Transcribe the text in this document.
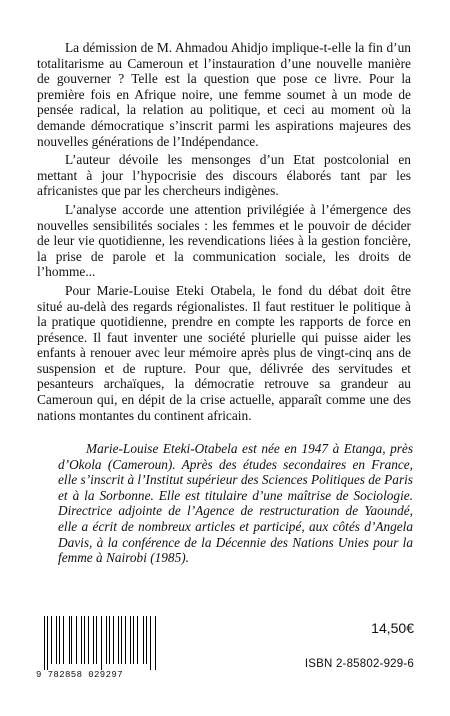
La démission de M. Ahmadou Ahidjo implique-t-elle la fin d’un totalitarisme au Cameroun et l’instauration d’une nouvelle manière de gouverner ? Telle est la question que pose ce livre. Pour la première fois en Afrique noire, une femme soumet à un mode de pensée radical, la relation au politique, et ceci au moment où la demande démocratique s’inscrit parmi les aspirations majeures des nouvelles générations de l’Indépendance.

L’auteur dévoile les mensonges d’un Etat postcolonial en mettant à jour l’hypocrisie des discours élaborés tant par les africanistes que par les chercheurs indigènes.

L’analyse accorde une attention privilégiée à l’émergence des nouvelles sensibilités sociales : les femmes et le pouvoir de décider de leur vie quotidienne, les revendications liées à la gestion foncière, la prise de parole et la communication sociale, les droits de l’homme...

Pour Marie-Louise Eteki Otabela, le fond du débat doit être situé au-delà des regards régionalistes. Il faut restituer le politique à la pratique quotidienne, prendre en compte les rapports de force en présence. Il faut inventer une société plurielle qui puisse aider les enfants à renouer avec leur mémoire après plus de vingt-cinq ans de suspension et de rupture. Pour que, délivrée des servitudes et pesanteurs archaïques, la démocratie retrouve sa grandeur au Cameroun qui, en dépit de la crise actuelle, apparaît comme une des nations montantes du continent africain.

Marie-Louise Eteki-Otabela est née en 1947 à Etanga, près d’Okola (Cameroun). Après des études secondaires en France, elle s’inscrit à l’Institut supérieur des Sciences Politiques de Paris et à la Sorbonne. Elle est titulaire d’une maîtrise de Sociologie. Directrice adjointe de l’Agence de restructuration de Yaoundé, elle a écrit de nombreux articles et participé, aux côtés d’Angela Davis, à la conférence de la Décennie des Nations Unies pour la femme à Nairobi (1985).

9 782858 029297
14,50€
ISBN 2-85802-929-6
